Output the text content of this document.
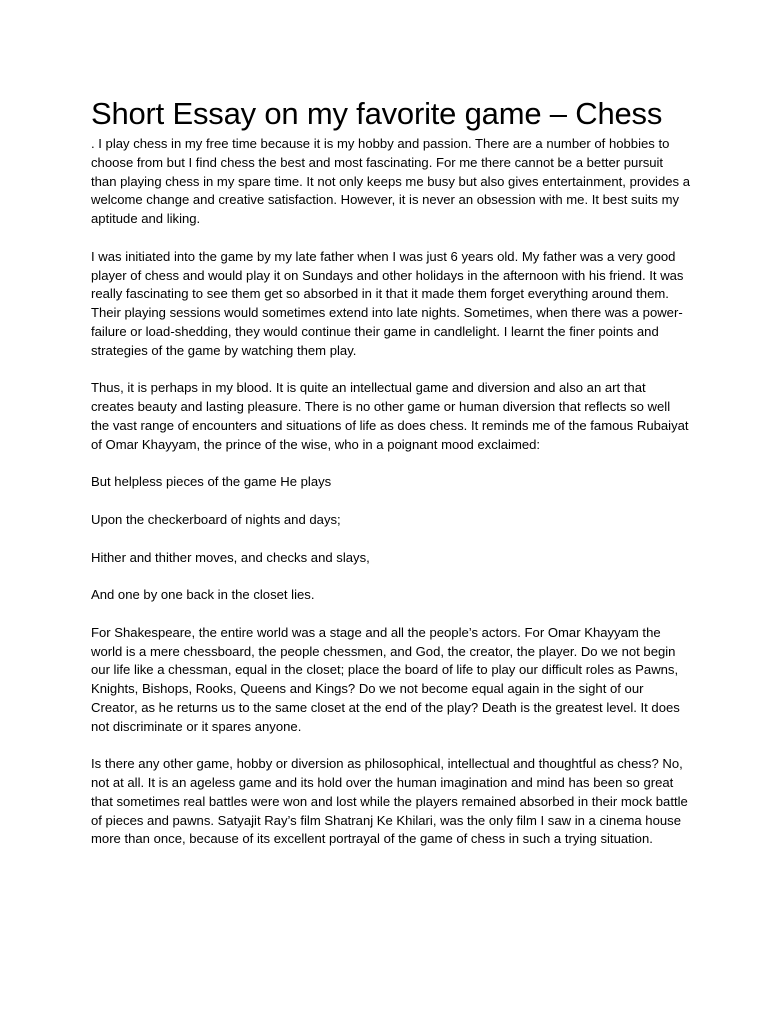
Short Essay on my favorite game – Chess

. I play chess in my free time because it is my hobby and passion. There are a number of hobbies to choose from but I find chess the best and most fascinating. For me there cannot be a better pursuit than playing chess in my spare time. It not only keeps me busy but also gives entertainment, provides a welcome change and creative satisfaction. However, it is never an obsession with me. It best suits my aptitude and liking.

I was initiated into the game by my late father when I was just 6 years old. My father was a very good player of chess and would play it on Sundays and other holidays in the afternoon with his friend. It was really fascinating to see them get so absorbed in it that it made them forget everything around them. Their playing sessions would sometimes extend into late nights. Sometimes, when there was a power-failure or load-shedding, they would continue their game in candlelight. I learnt the finer points and strategies of the game by watching them play.

Thus, it is perhaps in my blood. It is quite an intellectual game and diversion and also an art that creates beauty and lasting pleasure. There is no other game or human diversion that reflects so well the vast range of encounters and situations of life as does chess. It reminds me of the famous Rubaiyat of Omar Khayyam, the prince of the wise, who in a poignant mood exclaimed:

But helpless pieces of the game He plays

Upon the checkerboard of nights and days;

Hither and thither moves, and checks and slays,

And one by one back in the closet lies.

For Shakespeare, the entire world was a stage and all the people’s actors. For Omar Khayyam the world is a mere chessboard, the people chessmen, and God, the creator, the player. Do we not begin our life like a chessman, equal in the closet; place the board of life to play our difficult roles as Pawns, Knights, Bishops, Rooks, Queens and Kings? Do we not become equal again in the sight of our Creator, as he returns us to the same closet at the end of the play? Death is the greatest level. It does not discriminate or it spares anyone.

Is there any other game, hobby or diversion as philosophical, intellectual and thoughtful as chess? No, not at all. It is an ageless game and its hold over the human imagination and mind has been so great that sometimes real battles were won and lost while the players remained absorbed in their mock battle of pieces and pawns. Satyajit Ray’s film Shatranj Ke Khilari, was the only film I saw in a cinema house more than once, because of its excellent portrayal of the game of chess in such a trying situation.
